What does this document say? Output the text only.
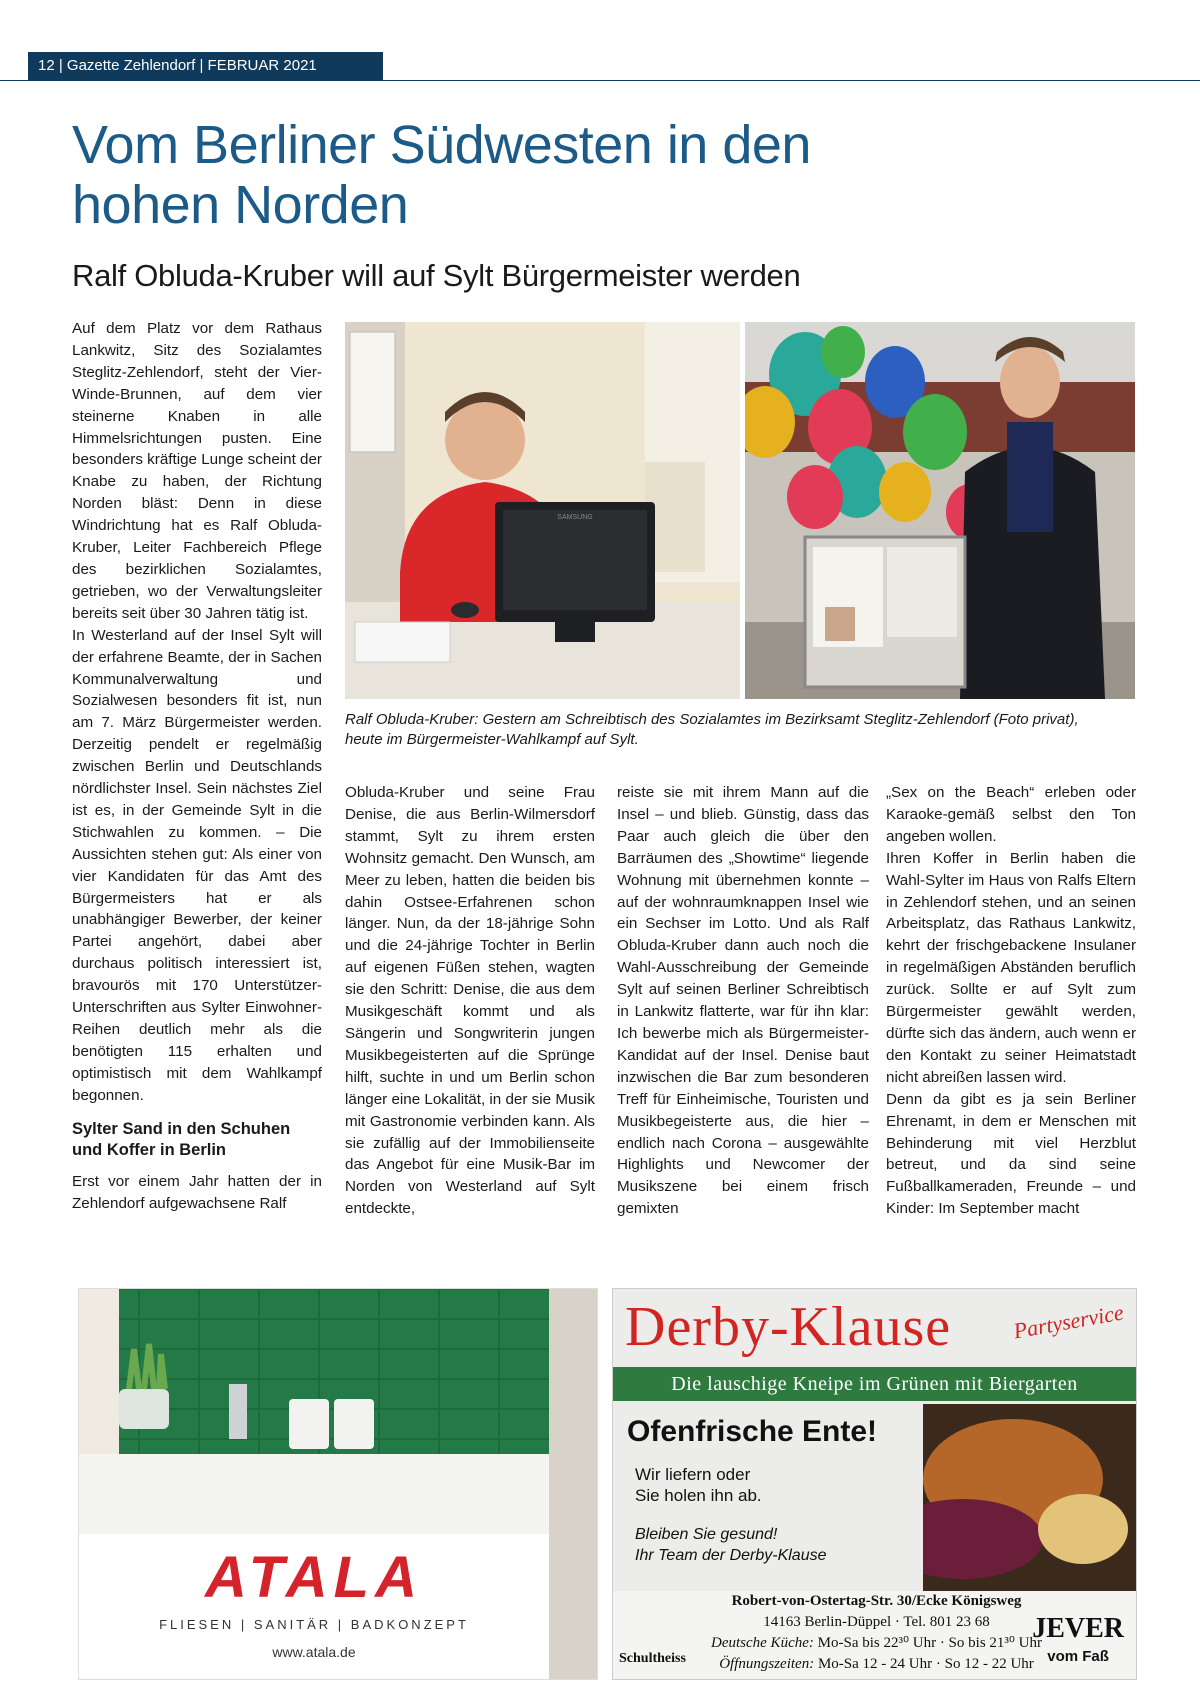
12 | Gazette Zehlendorf | FEBRUAR 2021
Vom Berliner Südwesten in den
hohen Norden
Ralf Obluda-Kruber will auf Sylt Bürgermeister werden

Auf dem Platz vor dem Rathaus Lankwitz, Sitz des Sozialamtes Steglitz-Zehlendorf, steht der Vier-Winde-Brunnen, auf dem vier steinerne Knaben in alle Himmelsrichtungen pusten. Eine besonders kräftige Lunge scheint der Knabe zu haben, der Richtung Norden bläst: Denn in diese Windrichtung hat es Ralf Obluda-Kruber, Leiter Fachbereich Pflege des bezirklichen Sozialamtes, getrieben, wo der Verwaltungsleiter bereits seit über 30 Jahren tätig ist.

In Westerland auf der Insel Sylt will der erfahrene Beamte, der in Sachen Kommunalverwaltung und Sozialwesen besonders fit ist, nun am 7. März Bürgermeister werden. Derzeitig pendelt er regelmäßig zwischen Berlin und Deutschlands nördlichster Insel. Sein nächstes Ziel ist es, in der Gemeinde Sylt in die Stichwahlen zu kommen. – Die Aussichten stehen gut: Als einer von vier Kandidaten für das Amt des Bürgermeisters hat er als unabhängiger Bewerber, der keiner Partei angehört, dabei aber durchaus politisch interessiert ist, bravourös mit 170 Unterstützer-Unterschriften aus Sylter Einwohner-Reihen deutlich mehr als die benötigten 115 erhalten und optimistisch mit dem Wahlkampf begonnen.

Sylter Sand in den Schuhen und Koffer in Berlin

Erst vor einem Jahr hatten der in Zehlendorf aufgewachsene Ralf

SAMSUNG
Ralf Obluda-Kruber: Gestern am Schreibtisch des Sozialamtes im Bezirksamt Steglitz-Zehlendorf (Foto privat),
heute im Bürgermeister-Wahlkampf auf Sylt.

Obluda-Kruber und seine Frau Denise, die aus Berlin-Wilmersdorf stammt, Sylt zu ihrem ersten Wohnsitz gemacht. Den Wunsch, am Meer zu leben, hatten die beiden bis dahin Ostsee-Erfahrenen schon länger. Nun, da der 18-jährige Sohn und die 24-jährige Tochter in Berlin auf eigenen Füßen stehen, wagten sie den Schritt: Denise, die aus dem Musikgeschäft kommt und als Sängerin und Songwriterin jungen Musikbegeisterten auf die Sprünge hilft, suchte in und um Berlin schon länger eine Lokalität, in der sie Musik mit Gastronomie verbinden kann. Als sie zufällig auf der Immobilienseite das Angebot für eine Musik-Bar im Norden von Westerland auf Sylt entdeckte,

reiste sie mit ihrem Mann auf die Insel – und blieb. Günstig, dass das Paar auch gleich die über den Barräumen des „Showtime“ liegende Wohnung mit übernehmen konnte – auf der wohnraumknappen Insel wie ein Sechser im Lotto. Und als Ralf Obluda-Kruber dann auch noch die Wahl-Ausschreibung der Gemeinde Sylt auf seinen Berliner Schreibtisch in Lankwitz flatterte, war für ihn klar: Ich bewerbe mich als Bürgermeister-Kandidat auf der Insel. Denise baut inzwischen die Bar zum besonderen Treff für Einheimische, Touristen und Musikbegeisterte aus, die hier – endlich nach Corona – ausgewählte Highlights und Newcomer der Musikszene bei einem frisch gemixten

„Sex on the Beach“ erleben oder Karaoke-gemäß selbst den Ton angeben wollen.

Ihren Koffer in Berlin haben die Wahl-Sylter im Haus von Ralfs Eltern in Zehlendorf stehen, und an seinen Arbeitsplatz, das Rathaus Lankwitz, kehrt der frischgebackene Insulaner in regelmäßigen Abständen beruflich zurück. Sollte er auf Sylt zum Bürgermeister gewählt werden, dürfte sich das ändern, auch wenn er den Kontakt zu seiner Heimatstadt nicht abreißen lassen wird.

Denn da gibt es ja sein Berliner Ehrenamt, in dem er Menschen mit Behinderung mit viel Herzblut betreut, und da sind seine Fußballkameraden, Freunde – und Kinder: Im September macht

ATALA
FLIESEN | SANITÄR | BADKONZEPT
www.atala.de
Derby-Klause	Partyservice
Die lauschige Kneipe im Grünen mit Biergarten
Ofenfrische Ente!
Wir liefern oder
Sie holen ihn ab.
Bleiben Sie gesund!
Ihr Team der Derby-Klause
Schultheiss
Robert-von-Ostertag-Str. 30/Ecke Königsweg
14163 Berlin-Düppel · Tel. 801 23 68
Deutsche Küche: Mo-Sa bis 22³⁰ Uhr · So bis 21³⁰ Uhr
Öffnungszeiten: Mo-Sa 12 - 24 Uhr · So 12 - 22 Uhr
JEVER
vom Faß
